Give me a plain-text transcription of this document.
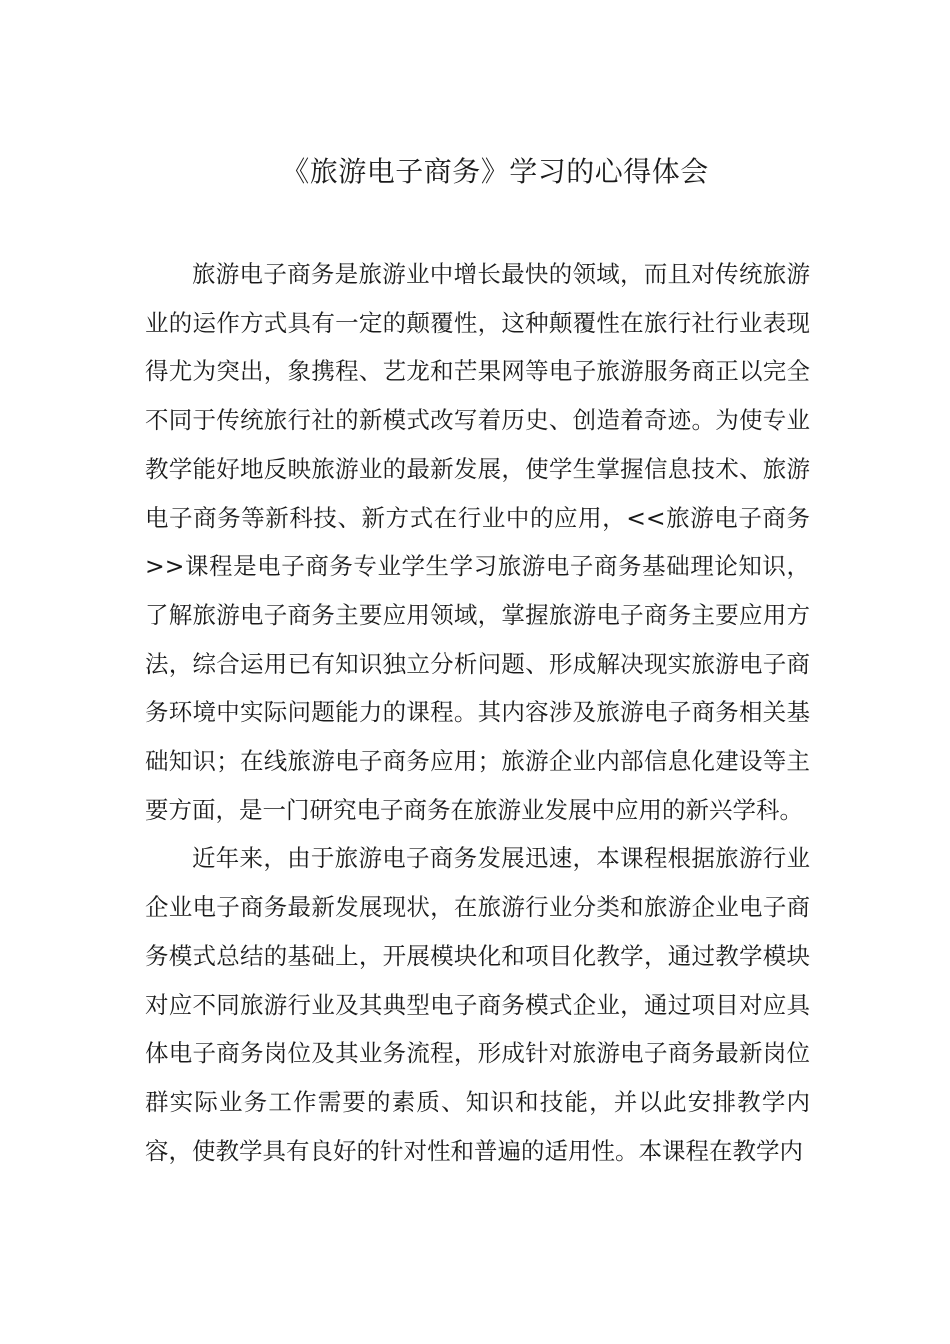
《旅游电子商务》学习的心得体会

旅游电子商务是旅游业中增长最快的领域，而且对传统旅游业的运作方式具有一定的颠覆性，这种颠覆性在旅行社行业表现得尤为突出，象携程、艺龙和芒果网等电子旅游服务商正以完全不同于传统旅行社的新模式改写着历史、创造着奇迹。为使专业教学能好地反映旅游业的最新发展，使学生掌握信息技术、旅游电子商务等新科技、新方式在行业中的应用，<<旅游电子商务>>课程是电子商务专业学生学习旅游电子商务基础理论知识，了解旅游电子商务主要应用领域，掌握旅游电子商务主要应用方法，综合运用已有知识独立分析问题、形成解决现实旅游电子商务环境中实际问题能力的课程。其内容涉及旅游电子商务相关基础知识；在线旅游电子商务应用；旅游企业内部信息化建设等主要方面，是一门研究电子商务在旅游业发展中应用的新兴学科。

近年来，由于旅游电子商务发展迅速，本课程根据旅游行业企业电子商务最新发展现状，在旅游行业分类和旅游企业电子商务模式总结的基础上，开展模块化和项目化教学，通过教学模块对应不同旅游行业及其典型电子商务模式企业，通过项目对应具体电子商务岗位及其业务流程，形成针对旅游电子商务最新岗位群实际业务工作需要的素质、知识和技能，并以此安排教学内容，使教学具有良好的针对性和普遍的适用性。本课程在教学内
